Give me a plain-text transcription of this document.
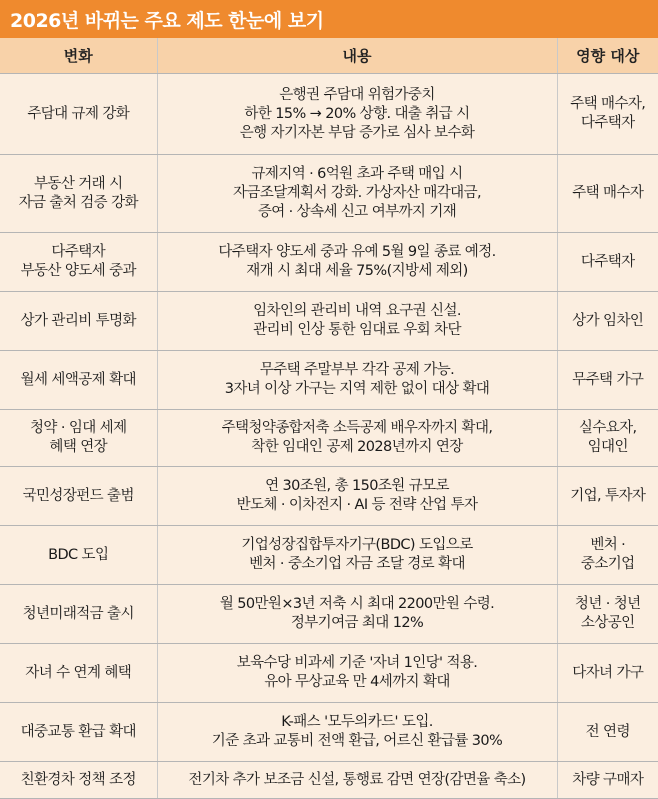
2026년 바뀌는 주요 제도 한눈에 보기
변화	내용	영향 대상

주담대 규제 강화	은행권 주담대 위험가중치
하한 15% → 20% 상향. 대출 취급 시
은행 자기자본 부담 증가로 심사 보수화	주택 매수자,
다주택자

부동산 거래 시
자금 출처 검증 강화	규제지역 · 6억원 초과 주택 매입 시
자금조달계획서 강화. 가상자산 매각대금,
증여 · 상속세 신고 여부까지 기재	주택 매수자

다주택자
부동산 양도세 중과	다주택자 양도세 중과 유예 5월 9일 종료 예정.
재개 시 최대 세율 75%(지방세 제외)	다주택자

상가 관리비 투명화	임차인의 관리비 내역 요구권 신설.
관리비 인상 통한 임대료 우회 차단	상가 임차인

월세 세액공제 확대	무주택 주말부부 각각 공제 가능.
3자녀 이상 가구는 지역 제한 없이 대상 확대	무주택 가구

청약 · 임대 세제
혜택 연장	주택청약종합저축 소득공제 배우자까지 확대,
착한 임대인 공제 2028년까지 연장	실수요자,
임대인

국민성장펀드 출범	연 30조원, 총 150조원 규모로
반도체 · 이차전지 · AI 등 전략 산업 투자	기업, 투자자

BDC 도입	기업성장집합투자기구(BDC) 도입으로
벤처 · 중소기업 자금 조달 경로 확대	벤처 ·
중소기업

청년미래적금 출시	월 50만원×3년 저축 시 최대 2200만원 수령.
정부기여금 최대 12%	청년 · 청년
소상공인

자녀 수 연계 혜택	보육수당 비과세 기준 '자녀 1인당' 적용.
유아 무상교육 만 4세까지 확대	다자녀 가구

대중교통 환급 확대	K-패스 '모두의카드' 도입.
기준 초과 교통비 전액 환급, 어르신 환급률 30%	전 연령

친환경차 정책 조정	전기차 추가 보조금 신설, 통행료 감면 연장(감면율 축소)	차량 구매자
